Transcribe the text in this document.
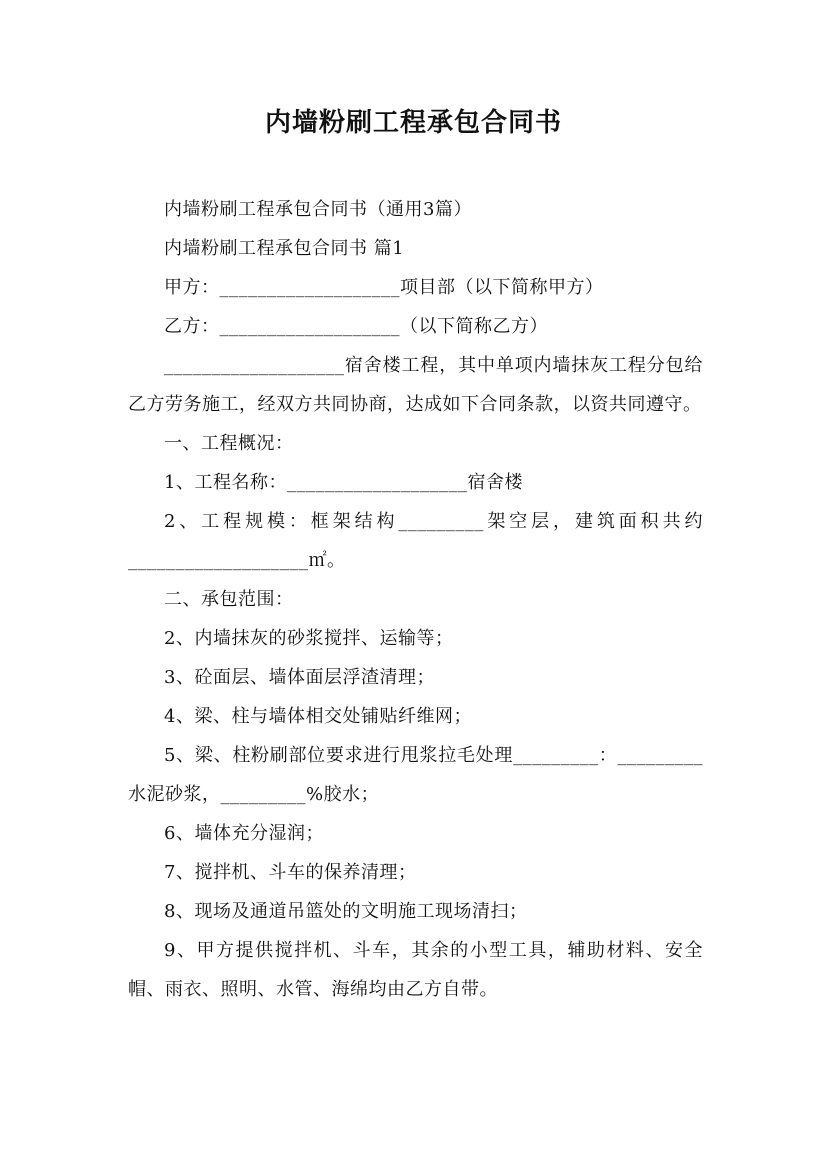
内墙粉刷工程承包合同书

内墙粉刷工程承包合同书（通用3篇）

内墙粉刷工程承包合同书 篇1

甲方：___________________项目部（以下简称甲方）

乙方：___________________（以下简称乙方）

___________________宿舍楼工程，其中单项内墙抹灰工程分包给乙方劳务施工，经双方共同协商，达成如下合同条款，以资共同遵守。

一、工程概况：

1、工程名称：___________________宿舍楼

2、工程规模：框架结构_________架空层，建筑面积共约___________________㎡。

二、承包范围：

2、内墙抹灰的砂浆搅拌、运输等；

3、砼面层、墙体面层浮渣清理；

4、梁、柱与墙体相交处铺贴纤维网；

5、梁、柱粉刷部位要求进行甩浆拉毛处理_________：_________水泥砂浆，_________%胶水；

6、墙体充分湿润；

7、搅拌机、斗车的保养清理；

8、现场及通道吊篮处的文明施工现场清扫；

9、甲方提供搅拌机、斗车，其余的小型工具，辅助材料、安全帽、雨衣、照明、水管、海绵均由乙方自带。
